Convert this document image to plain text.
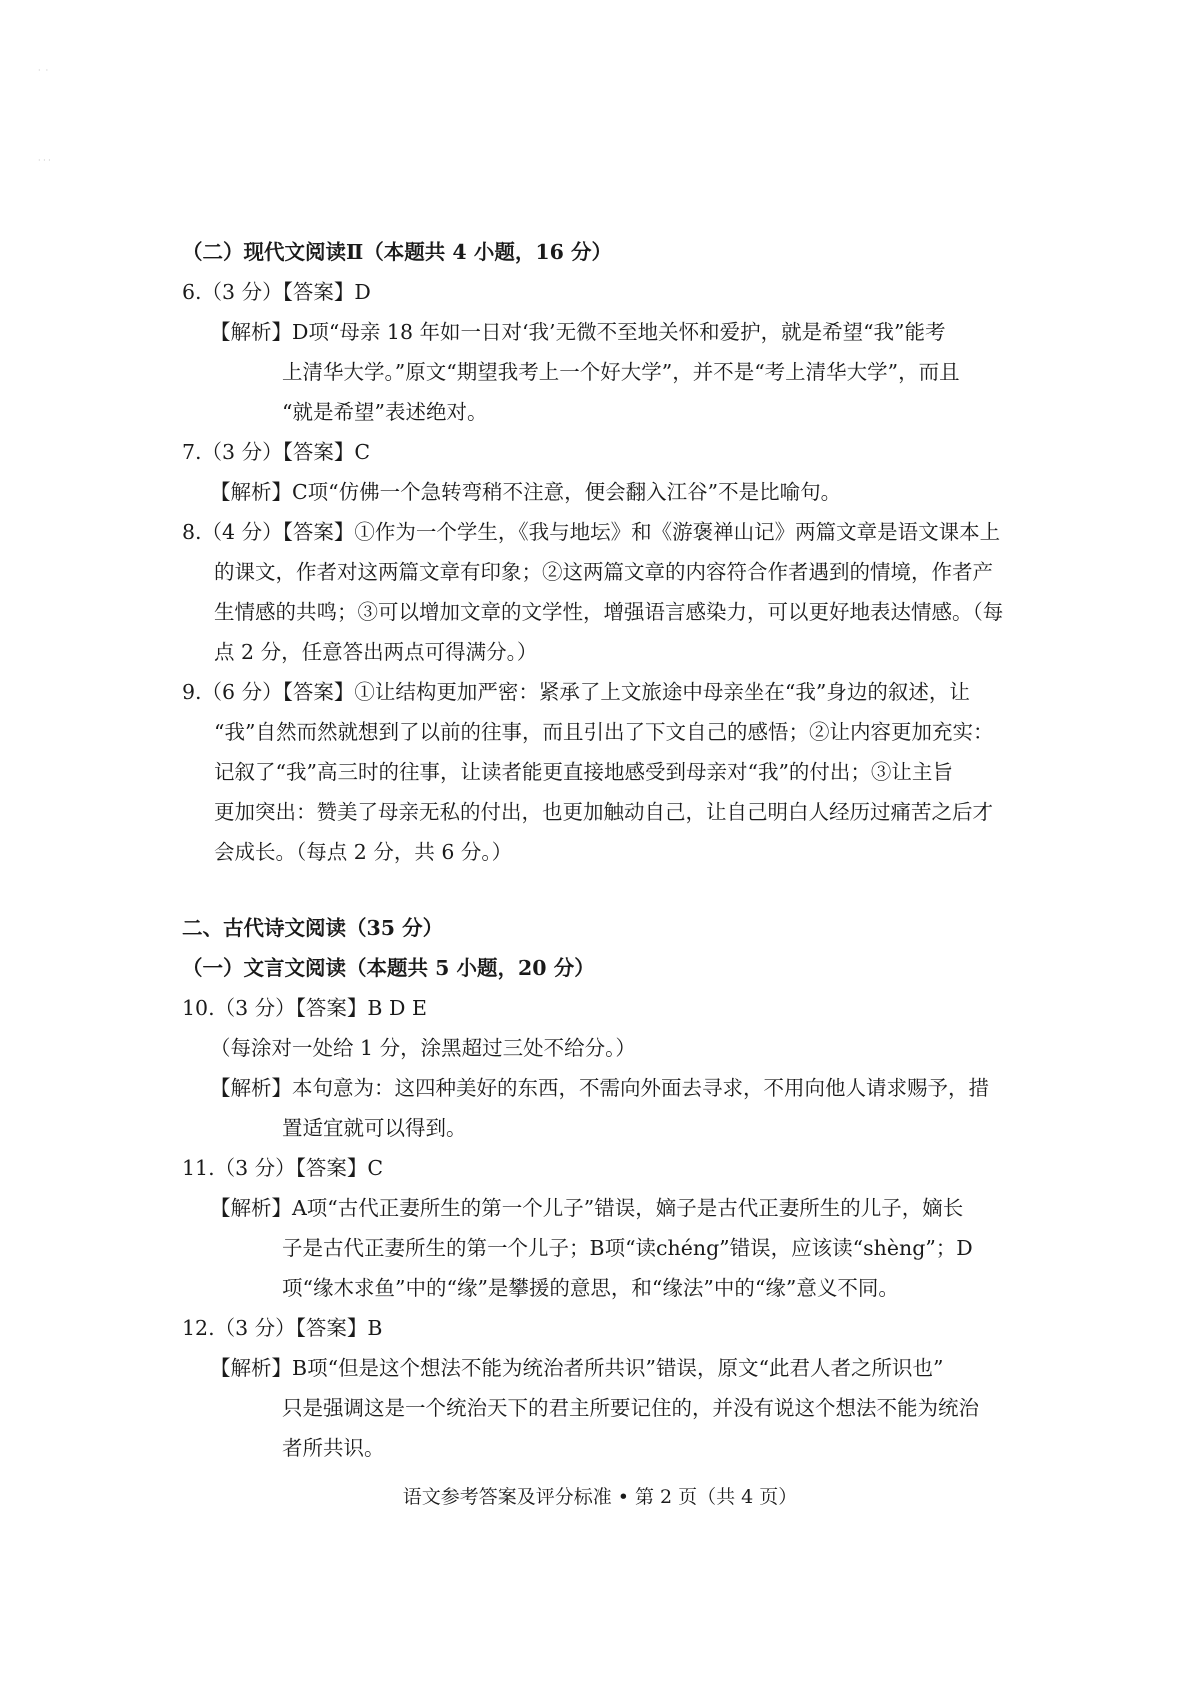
·  ·
· · ·
（二）现代文阅读Ⅱ（本题共 4 小题，16 分）
6.（3 分）【答案】D
【解析】D项“母亲 18 年如一日对‘我’无微不至地关怀和爱护，就是希望“我”能考
上清华大学。”原文“期望我考上一个好大学”，并不是“考上清华大学”，而且
“就是希望”表述绝对。
7.（3 分）【答案】C
【解析】C项“仿佛一个急转弯稍不注意，便会翻入江谷”不是比喻句。
8.（4 分）【答案】①作为一个学生，《我与地坛》和《游褒禅山记》两篇文章是语文课本上
的课文，作者对这两篇文章有印象；②这两篇文章的内容符合作者遇到的情境，作者产
生情感的共鸣；③可以增加文章的文学性，增强语言感染力，可以更好地表达情感。（每
点 2 分，任意答出两点可得满分。）
9.（6 分）【答案】①让结构更加严密：紧承了上文旅途中母亲坐在“我”身边的叙述，让
“我”自然而然就想到了以前的往事，而且引出了下文自己的感悟；②让内容更加充实：
记叙了“我”高三时的往事，让读者能更直接地感受到母亲对“我”的付出；③让主旨
更加突出：赞美了母亲无私的付出，也更加触动自己，让自己明白人经历过痛苦之后才
会成长。（每点 2 分，共 6 分。）
二、古代诗文阅读（35 分）
（一）文言文阅读（本题共 5 小题，20 分）
10.（3 分）【答案】B D E
（每涂对一处给 1 分，涂黑超过三处不给分。）
【解析】本句意为：这四种美好的东西，不需向外面去寻求，不用向他人请求赐予，措
置适宜就可以得到。
11.（3 分）【答案】C
【解析】A项“古代正妻所生的第一个儿子”错误，嫡子是古代正妻所生的儿子，嫡长
子是古代正妻所生的第一个儿子；B项“读chéng”错误，应该读“shèng”；D
项“缘木求鱼”中的“缘”是攀援的意思，和“缘法”中的“缘”意义不同。
12.（3 分）【答案】B
【解析】B项“但是这个想法不能为统治者所共识”错误，原文“此君人者之所识也”
只是强调这是一个统治天下的君主所要记住的，并没有说这个想法不能为统治
者所共识。
语文参考答案及评分标准 • 第 2 页（共 4 页）
